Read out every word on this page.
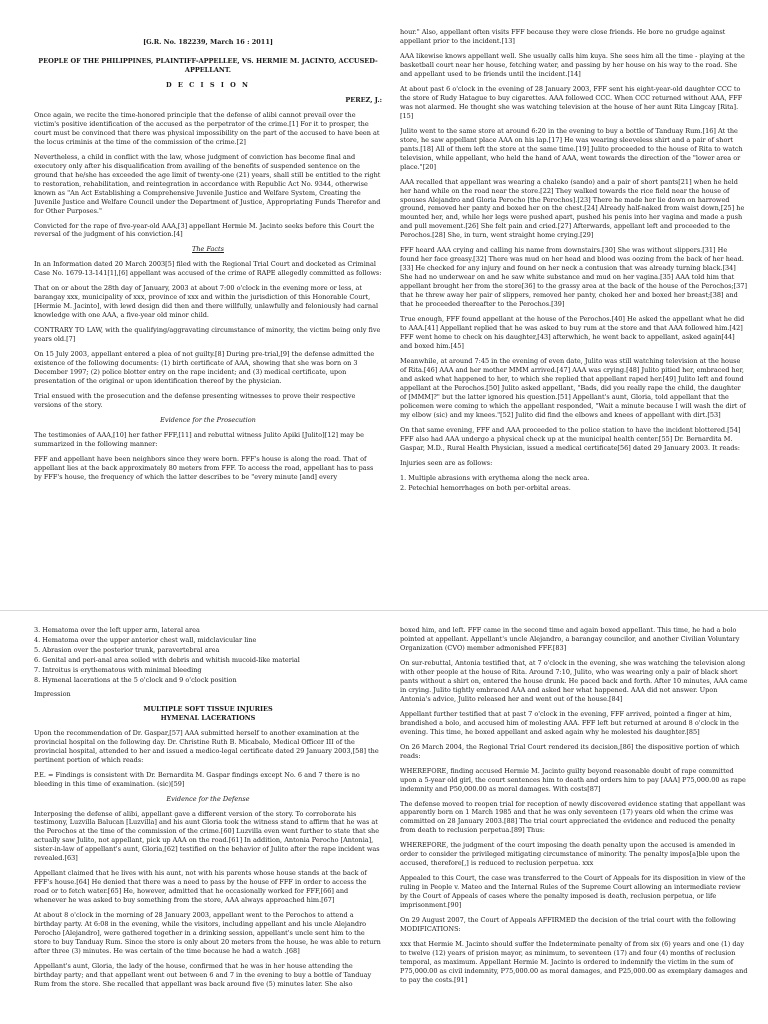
[G.R. No. 182239, March 16 : 2011]

PEOPLE OF THE PHILIPPINES, PLAINTIFF-APPELLEE, VS. HERMIE M. JACINTO, ACCUSED-APPELLANT.

D E C I S I O N

PEREZ, J.:

Once again, we recite the time-honored principle that the defense of alibi cannot prevail over the victim's positive identification of the accused as the perpetrator of the crime.[1] For it to prosper, the court must be convinced that there was physical impossibility on the part of the accused to have been at the locus criminis at the time of the commission of the crime.[2]

Nevertheless, a child in conflict with the law, whose judgment of conviction has become final and executory only after his disqualification from availing of the benefits of suspended sentence on the ground that he/she has exceeded the age limit of twenty-one (21) years, shall still be entitled to the right to restoration, rehabilitation, and reintegration in accordance with Republic Act No. 9344, otherwise known as "An Act Establishing a Comprehensive Juvenile Justice and Welfare System, Creating the Juvenile Justice and Welfare Council under the Department of Justice, Appropriating Funds Therefor and for Other Purposes."

Convicted for the rape of five-year-old AAA,[3] appellant Hermie M. Jacinto seeks before this Court the reversal of the judgment of his conviction.[4]

The Facts

In an Information dated 20 March 2003[5] filed with the Regional Trial Court and docketed as Criminal Case No. 1679-13-141[1],[6] appellant was accused of the crime of RAPE allegedly committed as follows:

That on or about the 28th day of January, 2003 at about 7:00 o'clock in the evening more or less, at barangay xxx, municipality of xxx, province of xxx and within the jurisdiction of this Honorable Court, [Hermie M. Jacinto], with lewd design did then and there willfully, unlawfully and feloniously had carnal knowledge with one AAA, a five-year old minor child.

CONTRARY TO LAW, with the qualifying/aggravating circumstance of minority, the victim being only five years old.[7]

On 15 July 2003, appellant entered a plea of not guilty.[8] During pre-trial,[9] the defense admitted the existence of the following documents: (1) birth certificate of AAA, showing that she was born on 3 December 1997; (2) police blotter entry on the rape incident; and (3) medical certificate, upon presentation of the original or upon identification thereof by the physician.

Trial ensued with the prosecution and the defense presenting witnesses to prove their respective versions of the story.

Evidence for the Prosecution

The testimonies of AAA,[10] her father FFF,[11] and rebuttal witness Julito Apiki [Julito][12] may be summarized in the following manner:

FFF and appellant have been neighbors since they were born. FFF's house is along the road. That of appellant lies at the back approximately 80 meters from FFF. To access the road, appellant has to pass by FFF's house, the frequency of which the latter describes to be "every minute [and] every

hour." Also, appellant often visits FFF because they were close friends. He bore no grudge against appellant prior to the incident.[13]

AAA likewise knows appellant well. She usually calls him kuya. She sees him all the time - playing at the basketball court near her house, fetching water, and passing by her house on his way to the road. She and appellant used to be friends until the incident.[14]

At about past 6 o'clock in the evening of 28 January 2003, FFF sent his eight-year-old daughter CCC to the store of Rudy Hatague to buy cigarettes. AAA followed CCC. When CCC returned without AAA, FFF was not alarmed. He thought she was watching television at the house of her aunt Rita Lingcay [Rita].[15]

Julito went to the same store at around 6:20 in the evening to buy a bottle of Tanduay Rum.[16] At the store, he saw appellant place AAA on his lap.[17] He was wearing sleeveless shirt and a pair of short pants.[18] All of them left the store at the same time.[19] Julito proceeded to the house of Rita to watch television, while appellant, who held the hand of AAA, went towards the direction of the "lower area or place."[20]

AAA recalled that appellant was wearing a chaleko (sando) and a pair of short pants[21] when he held her hand while on the road near the store.[22] They walked towards the rice field near the house of spouses Alejandro and Gloria Perocho [the Perochos].[23] There he made her lie down on harrowed ground, removed her panty and boxed her on the chest.[24] Already half-naked from waist down,[25] he mounted her, and, while her legs were pushed apart, pushed his penis into her vagina and made a push and pull movement.[26] She felt pain and cried.[27] Afterwards, appellant left and proceeded to the Perochos.[28] She, in turn, went straight home crying.[29]

FFF heard AAA crying and calling his name from downstairs.[30] She was without slippers.[31] He found her face greasy.[32] There was mud on her head and blood was oozing from the back of her head.[33] He checked for any injury and found on her neck a contusion that was already turning black.[34] She had no underwear on and he saw white substance and mud on her vagina.[35] AAA told him that appellant brought her from the store[36] to the grassy area at the back of the house of the Perochos;[37] that he threw away her pair of slippers, removed her panty, choked her and boxed her breast;[38] and that he proceeded thereafter to the Perochos.[39]

True enough, FFF found appellant at the house of the Perochos.[40] He asked the appellant what he did to AAA.[41] Appellant replied that he was asked to buy rum at the store and that AAA followed him.[42] FFF went home to check on his daughter,[43] afterwhich, he went back to appellant, asked again[44] and boxed him.[45]

Meanwhile, at around 7:45 in the evening of even date, Julito was still watching television at the house of Rita.[46] AAA and her mother MMM arrived.[47] AAA was crying.[48] Julito pitied her, embraced her, and asked what happened to her, to which she replied that appellant raped her.[49] Julito left and found appellant at the Perochos.[50] Julito asked appellant, "Bads, did you really rape the child, the daughter of [MMM]?" but the latter ignored his question.[51] Appellant's aunt, Gloria, told appellant that the policemen were coming to which the appellant responded, "Wait a minute because I will wash the dirt of my elbow (sic) and my knees."[52] Julito did find the elbows and knees of appellant with dirt.[53]

On that same evening, FFF and AAA proceeded to the police station to have the incident blottered.[54] FFF also had AAA undergo a physical check up at the municipal health center.[55] Dr. Bernardita M. Gaspar, M.D., Rural Health Physician, issued a medical certificate[56] dated 29 January 2003. It reads:

Injuries seen are as follows:

1. Multiple abrasions with erythema along the neck area.

2. Petechial hemorrhages on both per-orbital areas.

3. Hematoma over the left upper arm, lateral area

4. Hematoma over the upper anterior chest wall, midclavicular line

5. Abrasion over the posterior trunk, paravertebral area

6. Genital and peri-anal area soiled with debris and whitish mucoid-like material

7. Introitus is erythematous with minimal bleeding

8. Hymenal lacerations at the 5 o'clock and 9 o'clock position

Impression

MULTIPLE SOFT TISSUE INJURIES

HYMENAL LACERATIONS

Upon the recommendation of Dr. Gaspar,[57] AAA submitted herself to another examination at the provincial hospital on the following day. Dr. Christine Ruth B. Micabalo, Medical Officer III of the provincial hospital, attended to her and issued a medico-legal certificate dated 29 January 2003,[58] the pertinent portion of which reads:

P.E. = Findings is consistent with Dr. Bernardita M. Gaspar findings except No. 6 and 7 there is no bleeding in this time of examination. (sic)[59]

Evidence for the Defense

Interposing the defense of alibi, appellant gave a different version of the story. To corroborate his testimony, Luzvilla Balucan [Luzvilla] and his aunt Gloria took the witness stand to affirm that he was at the Perochos at the time of the commission of the crime.[60] Luzvilla even went further to state that she actually saw Julito, not appellant, pick up AAA on the road.[61] In addition, Antonia Perocho [Antonia], sister-in-law of appellant's aunt, Gloria,[62] testified on the behavior of Julito after the rape incident was revealed.[63]

Appellant claimed that he lives with his aunt, not with his parents whose house stands at the back of FFF's house.[64] He denied that there was a need to pass by the house of FFF in order to access the road or to fetch water.[65] He, however, admitted that he occasionally worked for FFF,[66] and whenever he was asked to buy something from the store, AAA always approached him.[67]

At about 8 o'clock in the morning of 28 January 2003, appellant went to the Perochos to attend a birthday party. At 6:08 in the evening, while the visitors, including appellant and his uncle Alejandro Perocho [Alejandro], were gathered together in a drinking session, appellant's uncle sent him to the store to buy Tanduay Rum. Since the store is only about 20 meters from the house, he was able to return after three (3) minutes. He was certain of the time because he had a watch .[68]

Appellant's aunt, Gloria, the lady of the house, confirmed that he was in her house attending the birthday party; and that appellant went out between 6 and 7 in the evening to buy a bottle of Tanduay Rum from the store. She recalled that appellant was back around five (5) minutes later. She also

boxed him, and left. FFF came in the second time and again boxed appellant. This time, he had a bolo pointed at appellant. Appellant's uncle Alejandro, a barangay councilor, and another Civilian Voluntary Organization (CVO) member admonished FFF.[83]

On sur-rebuttal, Antonia testified that, at 7 o'clock in the evening, she was watching the television along with other people at the house of Rita. Around 7:10, Julito, who was wearing only a pair of black short pants without a shirt on, entered the house drunk. He paced back and forth. After 10 minutes, AAA came in crying. Julito tightly embraced AAA and asked her what happened. AAA did not answer. Upon Antonia's advice, Julito released her and went out of the house.[84]

Appellant further testified that at past 7 o'clock in the evening, FFF arrived, pointed a finger at him, brandished a bolo, and accused him of molesting AAA. FFF left but returned at around 8 o'clock in the evening. This time, he boxed appellant and asked again why he molested his daughter.[85]

On 26 March 2004, the Regional Trial Court rendered its decision,[86] the dispositive portion of which reads:

WHEREFORE, finding accused Hermie M. Jacinto guilty beyond reasonable doubt of rape committed upon a 5-year old girl, the court sentences him to death and orders him to pay [AAA] P75,000.00 as rape indemnity and P50,000.00 as moral damages. With costs[87]

The defense moved to reopen trial for reception of newly discovered evidence stating that appellant was apparently born on 1 March 1985 and that he was only seventeen (17) years old when the crime was committed on 28 January 2003.[88] The trial court appreciated the evidence and reduced the penalty from death to reclusion perpetua.[89] Thus:

WHEREFORE, the judgment of the court imposing the death penalty upon the accused is amended in order to consider the privileged mitigating circumstance of minority. The penalty impos[a]ble upon the accused, therefore[,] is reduced to reclusion perpetua. xxx

Appealed to this Court, the case was transferred to the Court of Appeals for its disposition in view of the ruling in People v. Mateo and the Internal Rules of the Supreme Court allowing an intermediate review by the Court of Appeals of cases where the penalty imposed is death, reclusion perpetua, or life imprisonment.[90]

On 29 August 2007, the Court of Appeals AFFIRMED the decision of the trial court with the following MODIFICATIONS:

xxx that Hermie M. Jacinto should suffer the Indeterminate penalty of from six (6) years and one (1) day to twelve (12) years of prision mayor, as minimum, to seventeen (17) and four (4) months of reclusion temporal, as maximum. Appellant Hermie M. Jacinto is ordered to indemnify the victim in the sum of P75,000.00 as civil indemnity, P75,000.00 as moral damages, and P25,000.00 as exemplary damages and to pay the costs.[91]
